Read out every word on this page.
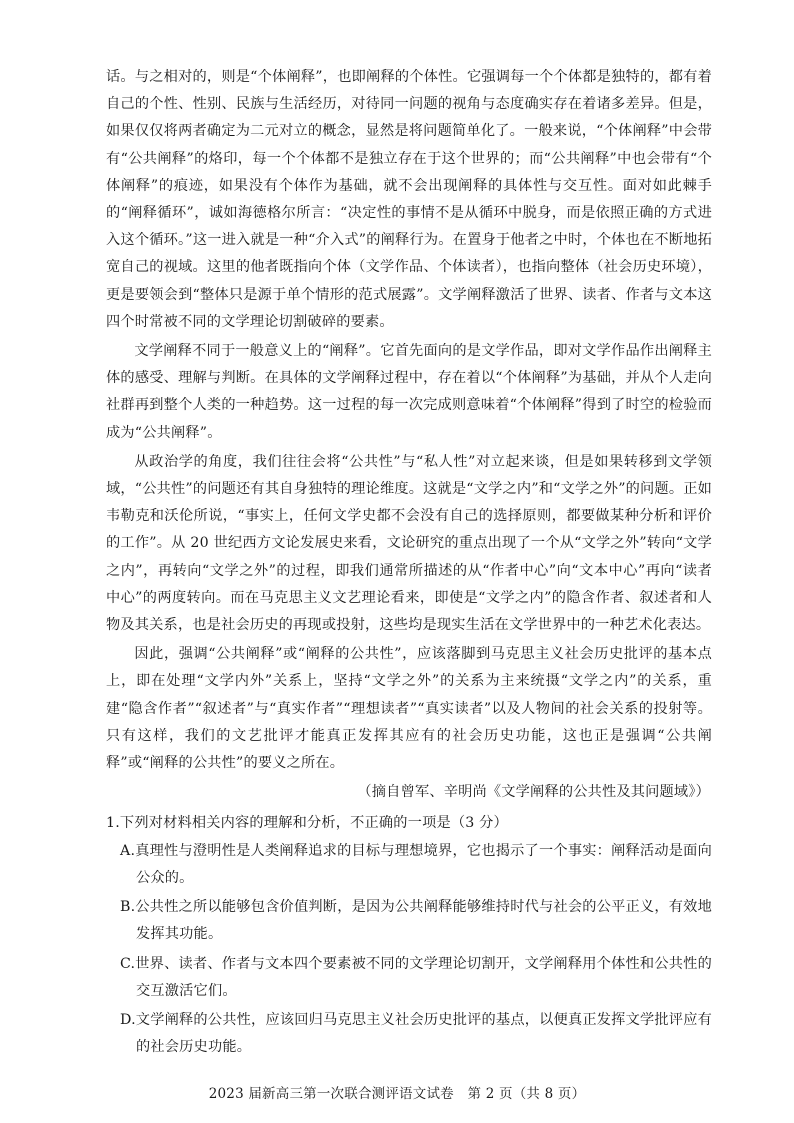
话。与之相对的，则是“个体阐释”，也即阐释的个体性。它强调每一个个体都是独特的，都有着自己的个性、性别、民族与生活经历，对待同一问题的视角与态度确实存在着诸多差异。但是，如果仅仅将两者确定为二元对立的概念，显然是将问题简单化了。一般来说，“个体阐释”中会带有“公共阐释”的烙印，每一个个体都不是独立存在于这个世界的；而“公共阐释”中也会带有“个体阐释”的痕迹，如果没有个体作为基础，就不会出现阐释的具体性与交互性。面对如此棘手的“阐释循环”，诚如海德格尔所言：“决定性的事情不是从循环中脱身，而是依照正确的方式进入这个循环。”这一进入就是一种“介入式”的阐释行为。在置身于他者之中时，个体也在不断地拓宽自己的视域。这里的他者既指向个体（文学作品、个体读者），也指向整体（社会历史环境），更是要领会到“整体只是源于单个情形的范式展露”。文学阐释激活了世界、读者、作者与文本这四个时常被不同的文学理论切割破碎的要素。

文学阐释不同于一般意义上的“阐释”。它首先面向的是文学作品，即对文学作品作出阐释主体的感受、理解与判断。在具体的文学阐释过程中，存在着以“个体阐释”为基础，并从个人走向社群再到整个人类的一种趋势。这一过程的每一次完成则意味着“个体阐释”得到了时空的检验而成为“公共阐释”。

从政治学的角度，我们往往会将“公共性”与“私人性”对立起来谈，但是如果转移到文学领域，“公共性”的问题还有其自身独特的理论维度。这就是“文学之内”和“文学之外”的问题。正如韦勒克和沃伦所说，“事实上，任何文学史都不会没有自己的选择原则，都要做某种分析和评价的工作”。从 20 世纪西方文论发展史来看，文论研究的重点出现了一个从“文学之外”转向“文学之内”，再转向“文学之外”的过程，即我们通常所描述的从“作者中心”向“文本中心”再向“读者中心”的两度转向。而在马克思主义文艺理论看来，即使是“文学之内”的隐含作者、叙述者和人物及其关系，也是社会历史的再现或投射，这些均是现实生活在文学世界中的一种艺术化表达。

因此，强调“公共阐释”或“阐释的公共性”，应该落脚到马克思主义社会历史批评的基本点上，即在处理“文学内外”关系上，坚持“文学之外”的关系为主来统摄“文学之内”的关系，重建“隐含作者”“叙述者”与“真实作者”“理想读者”“真实读者”以及人物间的社会关系的投射等。只有这样，我们的文艺批评才能真正发挥其应有的社会历史功能，这也正是强调“公共阐释”或“阐释的公共性”的要义之所在。

（摘自曾军、辛明尚《文学阐释的公共性及其问题域》）
1.下列对材料相关内容的理解和分析，不正确的一项是（3 分）
A.真理性与澄明性是人类阐释追求的目标与理想境界，它也揭示了一个事实：阐释活动是面向公众的。
B.公共性之所以能够包含价值判断，是因为公共阐释能够维持时代与社会的公平正义，有效地发挥其功能。
C.世界、读者、作者与文本四个要素被不同的文学理论切割开，文学阐释用个体性和公共性的交互激活它们。
D.文学阐释的公共性，应该回归马克思主义社会历史批评的基点，以便真正发挥文学批评应有的社会历史功能。
2023 届新高三第一次联合测评语文试卷　第 2 页（共 8 页）
